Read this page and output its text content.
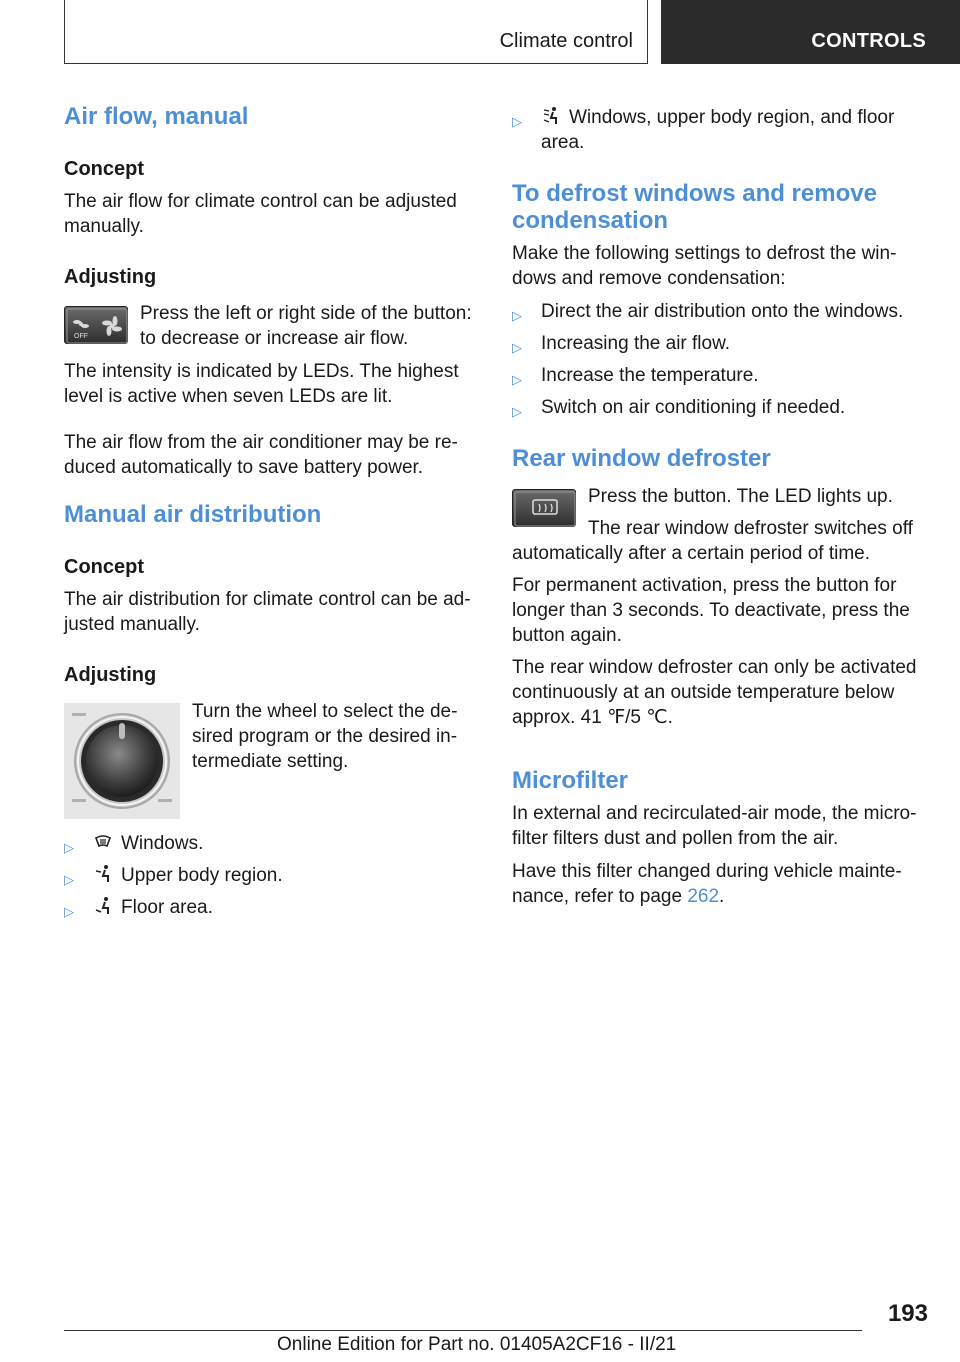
Climate control	CONTROLS
Air flow, manual
Concept

The air flow for climate control can be adjusted

manually.

Adjusting
OFF

Press the left or right side of the button:

to decrease or increase air flow.

The intensity is indicated by LEDs. The highest

level is active when seven LEDs are lit.

The air flow from the air conditioner may be re-

duced automatically to save battery power.

Manual air distribution
Concept

The air distribution for climate control can be ad-

justed manually.

Adjusting

Turn the wheel to select the de-

sired program or the desired in-

termediate setting.

▷	Windows.
▷	Upper body region.
▷	Floor area.
▷	Windows, upper body region, and floor

area.

To defrost windows and remove
condensation

Make the following settings to defrost the win-

dows and remove condensation:

▷	Direct the air distribution onto the windows.
▷	Increasing the air flow.
▷	Increase the temperature.
▷	Switch on air conditioning if needed.
Rear window defroster

Press the button. The LED lights up.

The rear window defroster switches off

automatically after a certain period of time.

For permanent activation, press the button for

longer than 3 seconds. To deactivate, press the

button again.

The rear window defroster can only be activated

continuously at an outside temperature below

approx. 41 ℉/5 ℃.

Microfilter

In external and recirculated-air mode, the micro-

filter filters dust and pollen from the air.

Have this filter changed during vehicle mainte-

nance, refer to page 262.

193
Online Edition for Part no. 01405A2CF16 - II/21
